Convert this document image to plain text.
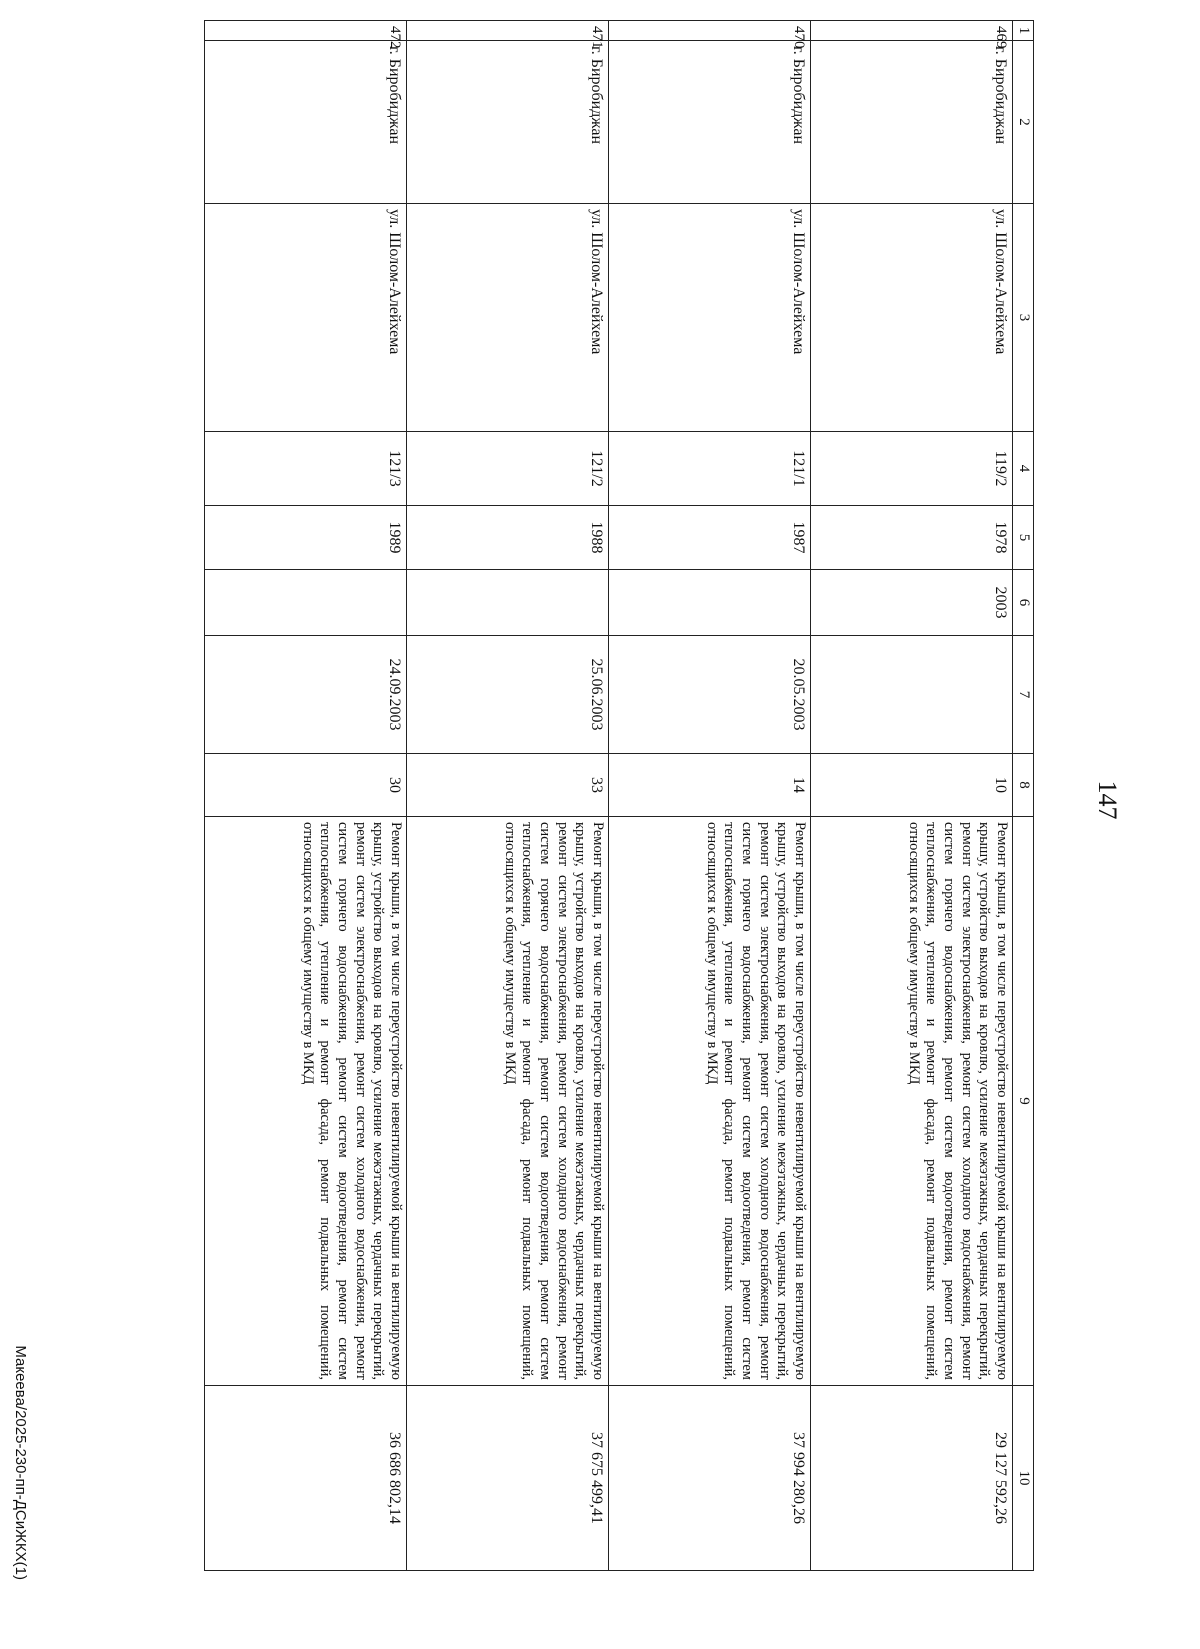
147
1	2	3	4	5	6	7	8	9	10
469	г. Биробиджан	ул. Шолом-Алейхема	119/2	1978	2003		10	Ремонт крыши, в том числе переустройство невентилируемой крыши на вентилируемую крышу, устройство выходов на кровлю, усиление межэтажных, чердачных перекрытий, ремонт систем электроснабжения, ремонт систем холодного водоснабжения, ремонт систем горячего водоснабжения, ремонт систем водоотведения, ремонт систем теплоснабжения, утепление и ремонт фасада, ремонт подвальных помещений, относящихся к общему имуществу в МКД	29 127 592,26
470	г. Биробиджан	ул. Шолом-Алейхема	121/1	1987		20.05.2003	14	Ремонт крыши, в том числе переустройство невентилируемой крыши на вентилируемую крышу, устройство выходов на кровлю, усиление межэтажных, чердачных перекрытий, ремонт систем электроснабжения, ремонт систем холодного водоснабжения, ремонт систем горячего водоснабжения, ремонт систем водоотведения, ремонт систем теплоснабжения, утепление и ремонт фасада, ремонт подвальных помещений, относящихся к общему имуществу в МКД	37 994 280,26
471	г. Биробиджан	ул. Шолом-Алейхема	121/2	1988		25.06.2003	33	Ремонт крыши, в том числе переустройство невентилируемой крыши на вентилируемую крышу, устройство выходов на кровлю, усиление межэтажных, чердачных перекрытий, ремонт систем электроснабжения, ремонт систем холодного водоснабжения, ремонт систем горячего водоснабжения, ремонт систем водоотведения, ремонт систем теплоснабжения, утепление и ремонт фасада, ремонт подвальных помещений, относящихся к общему имуществу в МКД	37 675 499,41
472	г. Биробиджан	ул. Шолом-Алейхема	121/3	1989		24.09.2003	30	Ремонт крыши, в том числе переустройство невентилируемой крыши на вентилируемую крышу, устройство выходов на кровлю, усиление межэтажных, чердачных перекрытий, ремонт систем электроснабжения, ремонт систем холодного водоснабжения, ремонт систем горячего водоснабжения, ремонт систем водоотведения, ремонт систем теплоснабжения, утепление и ремонт фасада, ремонт подвальных помещений, относящихся к общему имуществу в МКД	36 686 802,14
Макеева/2025-230-пп-ДСиЖКХ(1)
